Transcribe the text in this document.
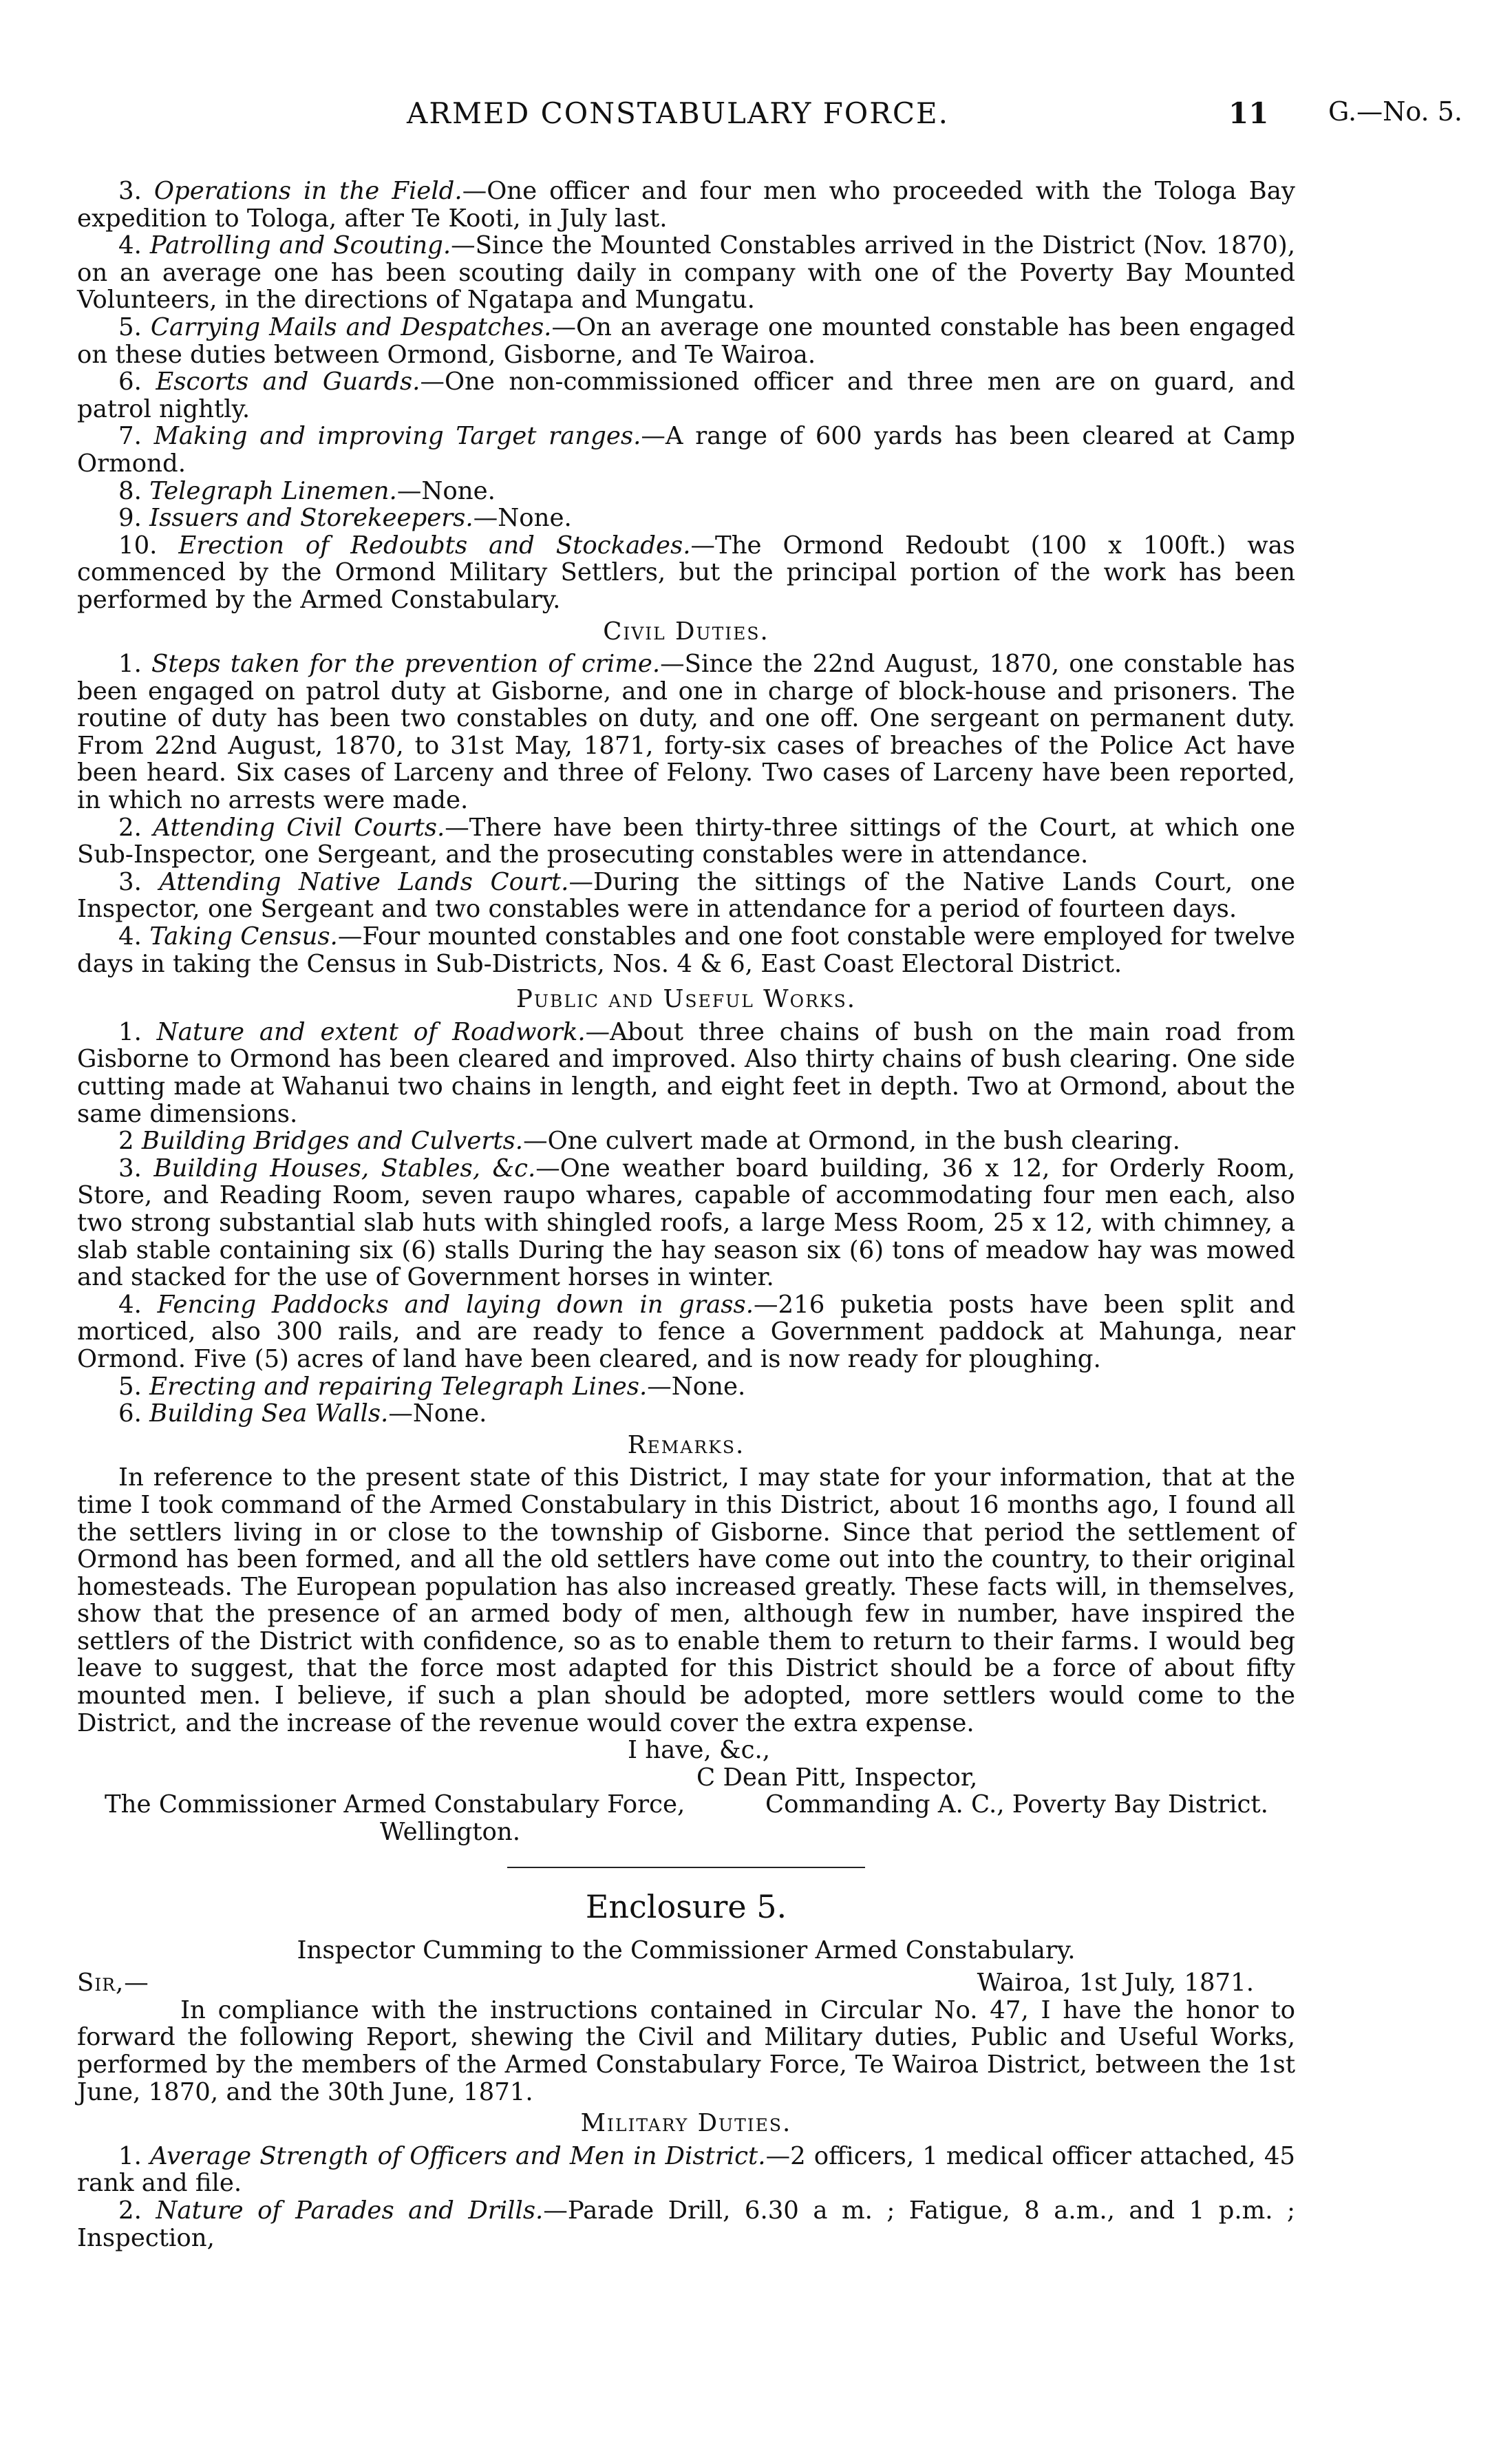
ARMED CONSTABULARY FORCE.	11 G.—No. 5.

3. Operations in the Field.—One officer and four men who proceeded with the Tologa Bay expedition to Tologa, after Te Kooti, in July last.

4. Patrolling and Scouting.—Since the Mounted Constables arrived in the District (Nov. 1870), on an average one has been scouting daily in company with one of the Poverty Bay Mounted Volunteers, in the directions of Ngatapa and Mungatu.

5. Carrying Mails and Despatches.—On an average one mounted constable has been engaged on these duties between Ormond, Gisborne, and Te Wairoa.

6. Escorts and Guards.—One non-commissioned officer and three men are on guard, and patrol nightly.

7. Making and improving Target ranges.—A range of 600 yards has been cleared at Camp Ormond.

8. Telegraph Linemen.—None.

9. Issuers and Storekeepers.—None.

10. Erection of Redoubts and Stockades.—The Ormond Redoubt (100 x 100ft.) was commenced by the Ormond Military Settlers, but the principal portion of the work has been performed by the Armed Constabulary.

Civil Duties.

1. Steps taken for the prevention of crime.—Since the 22nd August, 1870, one constable has been engaged on patrol duty at Gisborne, and one in charge of block-house and prisoners. The routine of duty has been two constables on duty, and one off. One sergeant on permanent duty. From 22nd August, 1870, to 31st May, 1871, forty-six cases of breaches of the Police Act have been heard. Six cases of Larceny and three of Felony. Two cases of Larceny have been reported, in which no arrests were made.

2. Attending Civil Courts.—There have been thirty-three sittings of the Court, at which one Sub-Inspector, one Sergeant, and the prosecuting constables were in attendance.

3. Attending Native Lands Court.—During the sittings of the Native Lands Court, one Inspector, one Sergeant and two constables were in attendance for a period of fourteen days.

4. Taking Census.—Four mounted constables and one foot constable were employed for twelve days in taking the Census in Sub-Districts, Nos. 4 & 6, East Coast Electoral District.

Public and Useful Works.

1. Nature and extent of Roadwork.—About three chains of bush on the main road from Gisborne to Ormond has been cleared and improved. Also thirty chains of bush clearing. One side cutting made at Wahanui two chains in length, and eight feet in depth. Two at Ormond, about the same dimensions.

2 Building Bridges and Culverts.—One culvert made at Ormond, in the bush clearing.

3. Building Houses, Stables, &c.—One weather board building, 36 x 12, for Orderly Room, Store, and Reading Room, seven raupo whares, capable of accommodating four men each, also two strong substantial slab huts with shingled roofs, a large Mess Room, 25 x 12, with chimney, a slab stable containing six (6) stalls During the hay season six (6) tons of meadow hay was mowed and stacked for the use of Government horses in winter.

4. Fencing Paddocks and laying down in grass.—216 puketia posts have been split and morticed, also 300 rails, and are ready to fence a Government paddock at Mahunga, near Ormond. Five (5) acres of land have been cleared, and is now ready for ploughing.

5. Erecting and repairing Telegraph Lines.—None.

6. Building Sea Walls.—None.

Remarks.

In reference to the present state of this District, I may state for your information, that at the time I took command of the Armed Constabulary in this District, about 16 months ago, I found all the settlers living in or close to the township of Gisborne. Since that period the settlement of Ormond has been formed, and all the old settlers have come out into the country, to their original homesteads. The European population has also increased greatly. These facts will, in themselves, show that the presence of an armed body of men, although few in number, have inspired the settlers of the District with confidence, so as to enable them to return to their farms. I would beg leave to suggest, that the force most adapted for this District should be a force of about fifty mounted men. I believe, if such a plan should be adopted, more settlers would come to the District, and the increase of the revenue would cover the extra expense.

I have, &c.,
C Dean Pitt, Inspector,
The Commissioner Armed Constabulary Force,	Commanding A. C., Poverty Bay District.
Wellington.

Enclosure 5.

Inspector Cumming to the Commissioner Armed Constabulary.

Sir,—	Wairoa, 1st July, 1871.

In compliance with the instructions contained in Circular No. 47, I have the honor to forward the following Report, shewing the Civil and Military duties, Public and Useful Works, performed by the members of the Armed Constabulary Force, Te Wairoa District, between the 1st June, 1870, and the 30th June, 1871.

Military Duties.

1. Average Strength of Officers and Men in District.—2 officers, 1 medical officer attached, 45 rank and file.

2. Nature of Parades and Drills.—Parade Drill, 6.30 a m. ; Fatigue, 8 a.m., and 1 p.m. ; Inspection,
